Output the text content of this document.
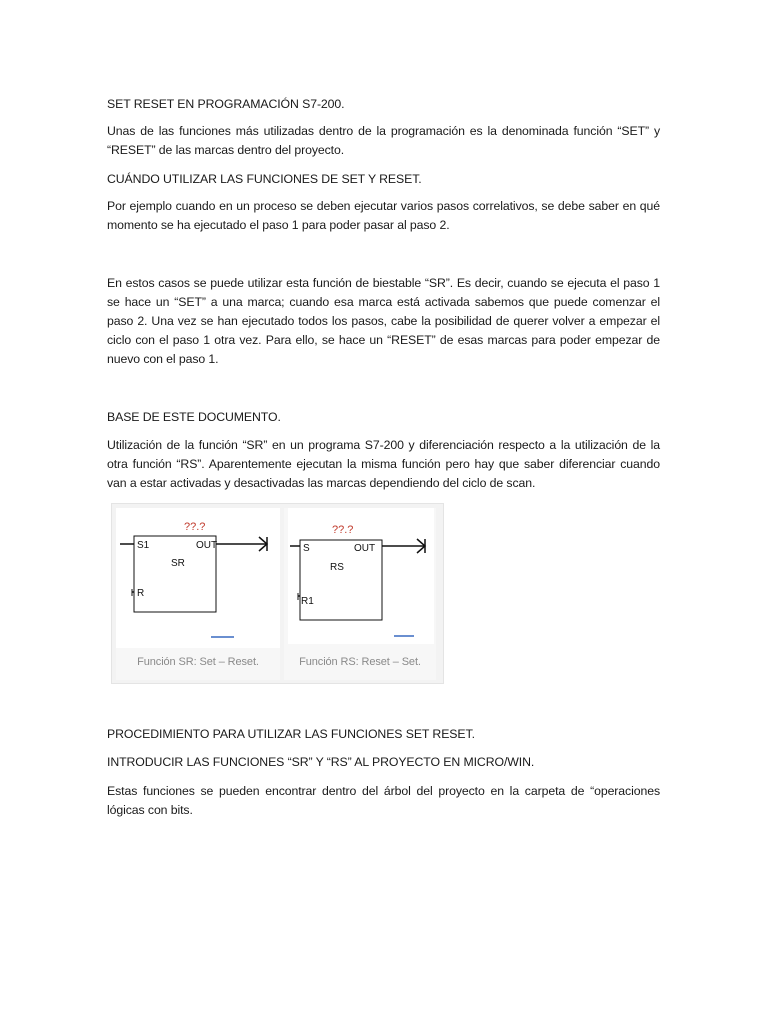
SET RESET EN PROGRAMACIÓN S7-200.

Unas de las funciones más utilizadas dentro de la programación es la denominada función “SET” y “RESET” de las marcas dentro del proyecto.

CUÁNDO UTILIZAR LAS FUNCIONES DE SET Y RESET.

Por ejemplo cuando en un proceso se deben ejecutar varios pasos correlativos, se debe saber en qué momento se ha ejecutado el paso 1 para poder pasar al paso 2.

En estos casos se puede utilizar esta función de biestable “SR”. Es decir, cuando se ejecuta el paso 1 se hace un “SET” a una marca; cuando esa marca está activada sabemos que puede comenzar el paso 2. Una vez se han ejecutado todos los pasos, cabe la posibilidad de querer volver a empezar el ciclo con el paso 1 otra vez. Para ello, se hace un “RESET” de esas marcas para poder empezar de nuevo con el paso 1.

BASE DE ESTE DOCUMENTO.

Utilización de la función “SR” en un programa S7-200 y diferenciación respecto a la utilización de la otra función “RS”. Aparentemente ejecutan la misma función pero hay que saber diferenciar cuando van a estar activadas y desactivadas las marcas dependiendo del ciclo de scan.

??.?
S1	OUT
SR
R
Función SR: Set – Reset.
??.?
S	OUT
RS
R1
Función RS: Reset – Set.

PROCEDIMIENTO PARA UTILIZAR LAS FUNCIONES SET RESET.

INTRODUCIR LAS FUNCIONES “SR” Y “RS” AL PROYECTO EN MICRO/WIN.

Estas funciones se pueden encontrar dentro del árbol del proyecto en la carpeta de “operaciones lógicas con bits.
